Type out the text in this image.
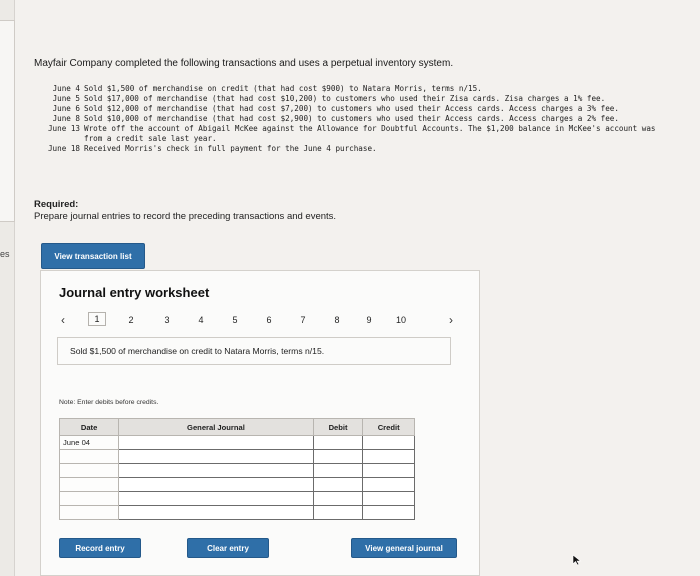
es
Mayfair Company completed the following transactions and uses a perpetual inventory system.
June 4 Sold $1,500 of merchandise on credit (that had cost $900) to Natara Morris, terms n/15.
June 5 Sold $17,000 of merchandise (that had cost $10,200) to customers who used their Zisa cards. Zisa charges a 1% fee.
June 6 Sold $12,000 of merchandise (that had cost $7,200) to customers who used their Access cards. Access charges a 3% fee.
June 8 Sold $10,000 of merchandise (that had cost $2,900) to customers who used their Access cards. Access charges a 2% fee.
June 13 Wrote off the account of Abigail McKee against the Allowance for Doubtful Accounts. The $1,200 balance in McKee's account was from a credit sale last year.
June 18 Received Morris's check in full payment for the June 4 purchase.
Required:
Prepare journal entries to record the preceding transactions and events.
View transaction list
Journal entry worksheet
‹	1	2	3	4	5	6	7	8	9	10	›
Sold $1,500 of merchandise on credit to Natara Morris, terms n/15.
Note: Enter debits before credits.
Date	General Journal	Debit	Credit
June 04			

Record entry	Clear entry	View general journal
